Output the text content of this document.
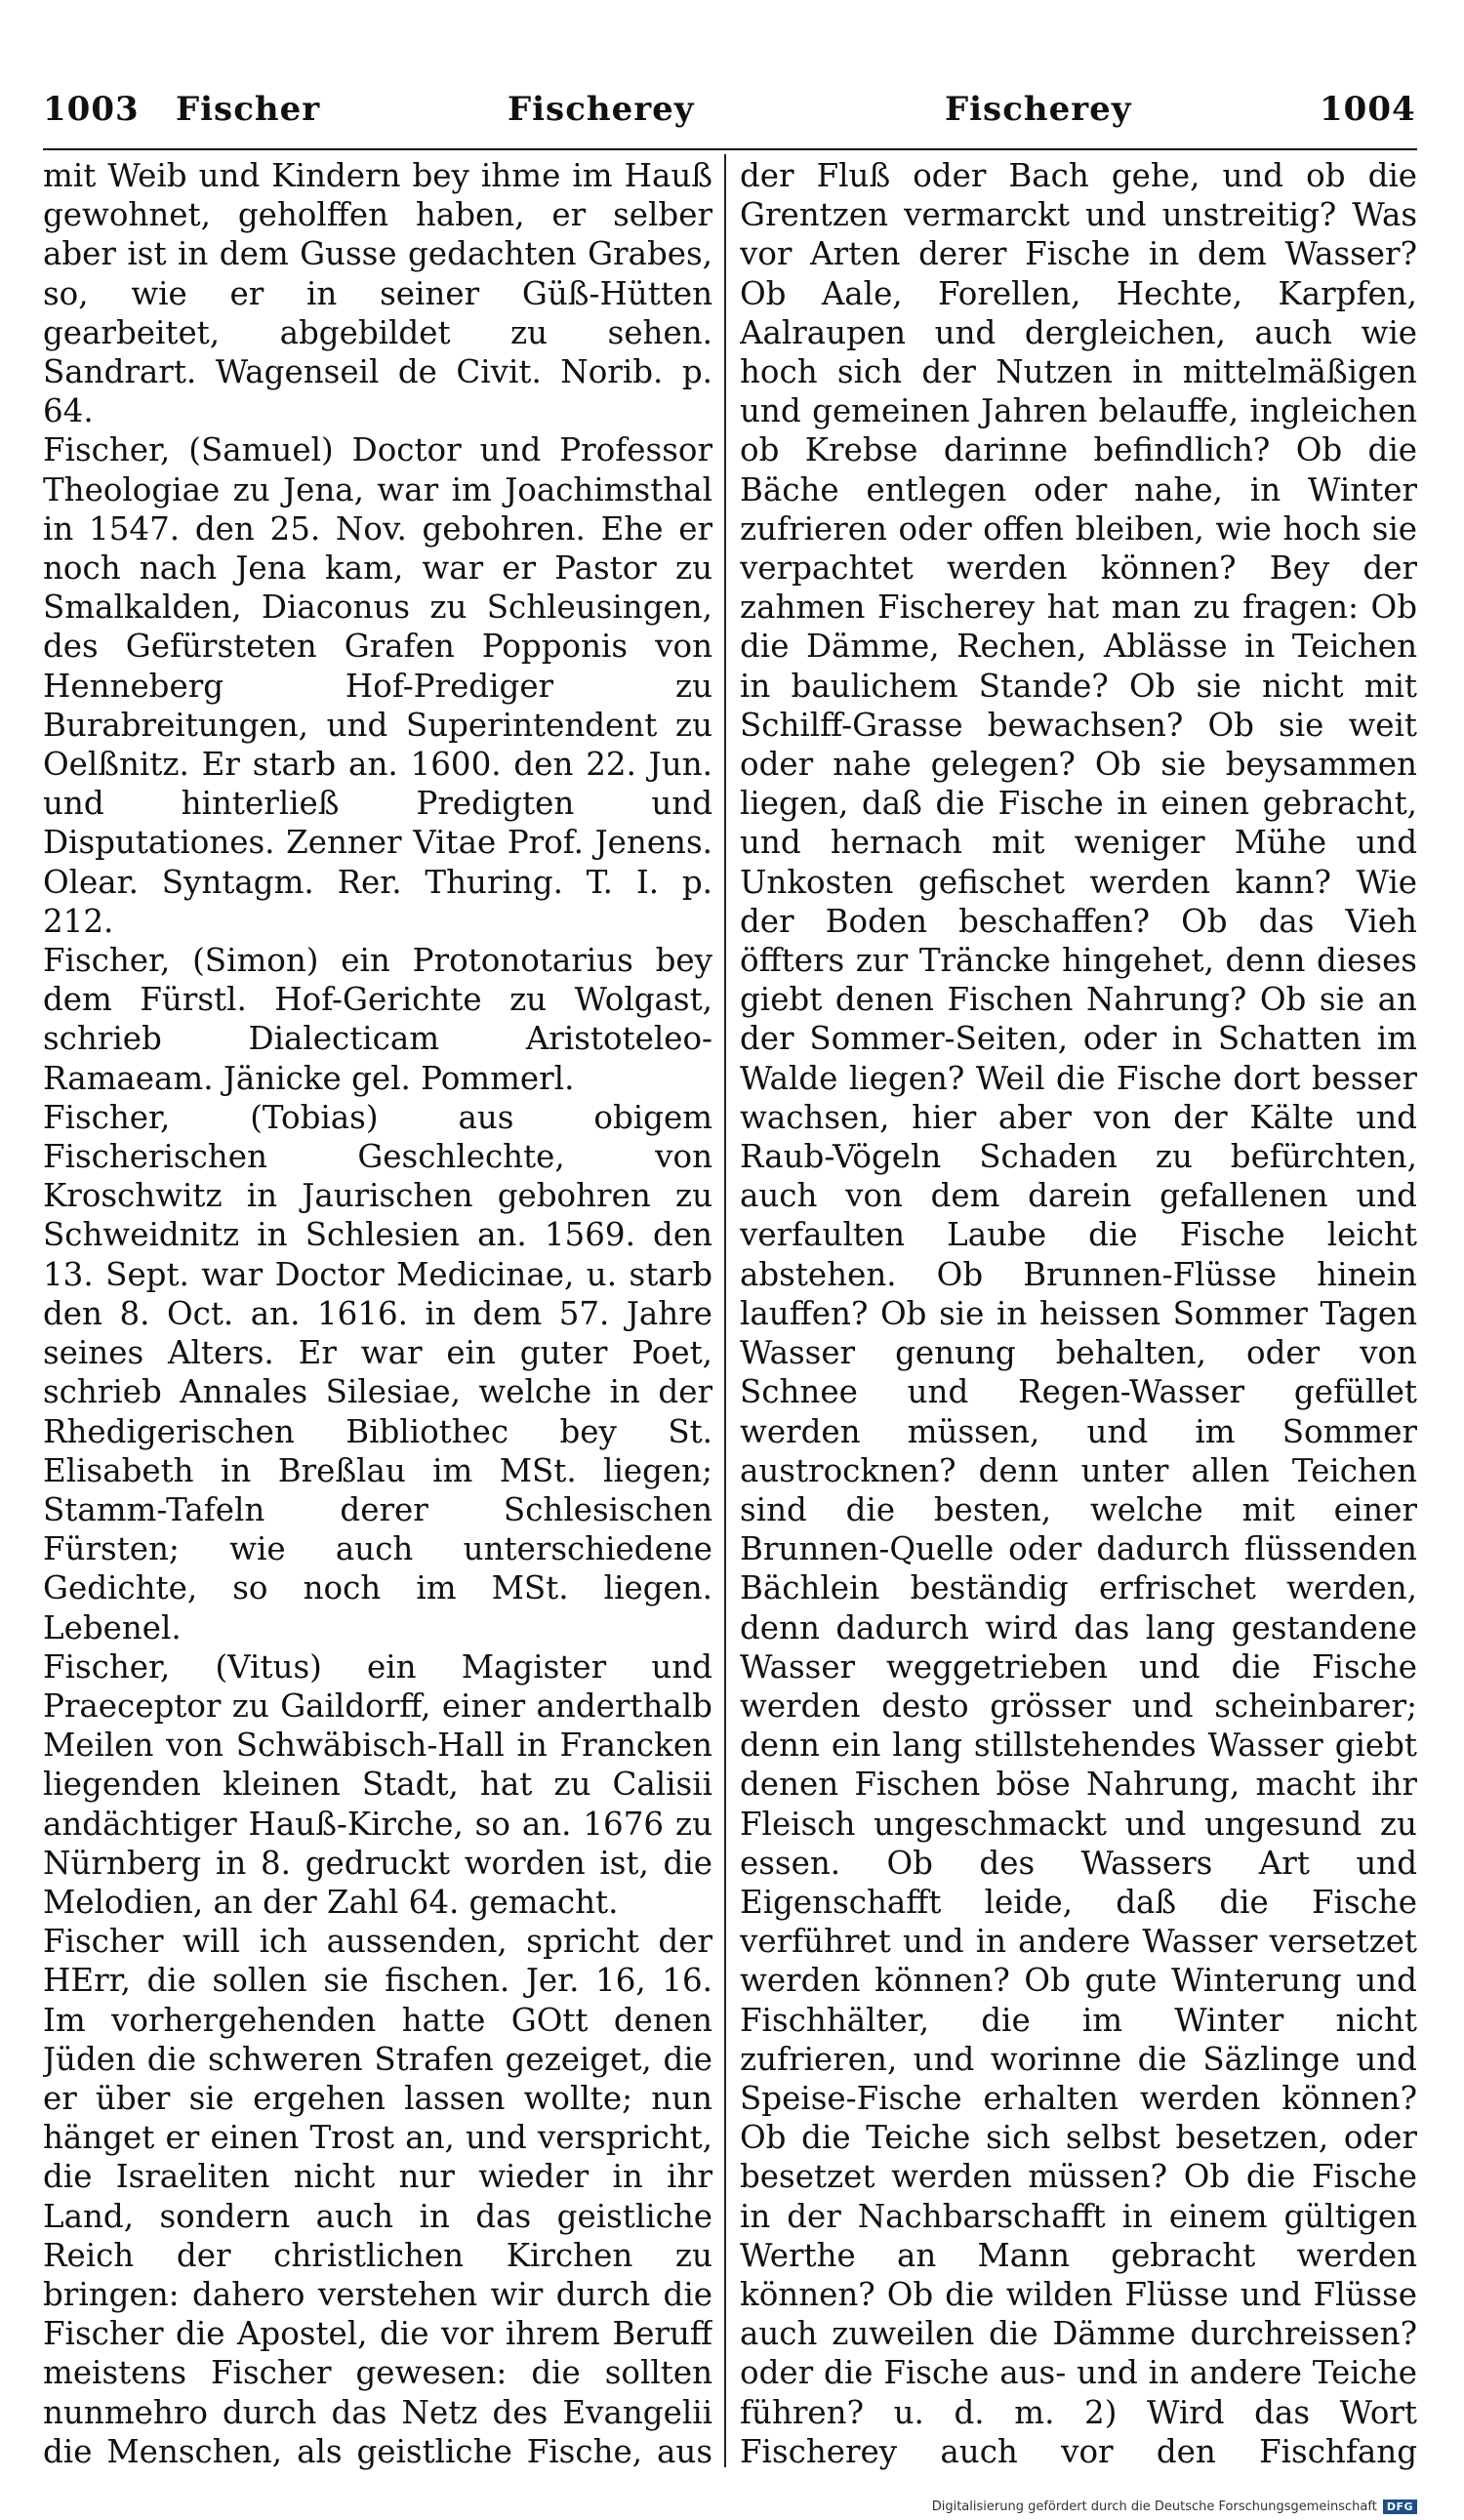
1003 Fischer	Fischerey	Fischerey	1004

mit Weib und Kindern bey ihme im Hauß gewohnet, geholffen haben, er selber aber ist in dem Gusse gedachten Grabes, so, wie er in seiner Güß-Hütten gearbeitet, abgebildet zu sehen. Sandrart. Wagenseil de Civit. Norib. p. 64.

Fischer, (Samuel) Doctor und Professor Theologiae zu Jena, war im Joachimsthal in 1547. den 25. Nov. gebohren. Ehe er noch nach Jena kam, war er Pastor zu Smalkalden, Diaconus zu Schleusingen, des Gefürsteten Grafen Popponis von Henneberg Hof-Prediger zu Burabreitungen, und Superintendent zu Oelßnitz. Er starb an. 1600. den 22. Jun. und hinterließ Predigten und Disputationes. Zenner Vitae Prof. Jenens. Olear. Syntagm. Rer. Thuring. T. I. p. 212.

Fischer, (Simon) ein Protonotarius bey dem Fürstl. Hof-Gerichte zu Wolgast, schrieb Dialecticam Aristoteleo-Ramaeam. Jänicke gel. Pommerl.

Fischer, (Tobias) aus obigem Fischerischen Geschlechte, von Kroschwitz in Jaurischen gebohren zu Schweidnitz in Schlesien an. 1569. den 13. Sept. war Doctor Medicinae, u. starb den 8. Oct. an. 1616. in dem 57. Jahre seines Alters. Er war ein guter Poet, schrieb Annales Silesiae, welche in der Rhedigerischen Bibliothec bey St. Elisabeth in Breßlau im MSt. liegen; Stamm-Tafeln derer Schlesischen Fürsten; wie auch unterschiedene Gedichte, so noch im MSt. liegen. Lebenel.

Fischer, (Vitus) ein Magister und Praeceptor zu Gaildorff, einer anderthalb Meilen von Schwäbisch-Hall in Francken liegenden kleinen Stadt, hat zu Calisii andächtiger Hauß-Kirche, so an. 1676 zu Nürnberg in 8. gedruckt worden ist, die Melodien, an der Zahl 64. gemacht.

Fischer will ich aussenden, spricht der HErr, die sollen sie fischen. Jer. 16, 16. Im vorhergehenden hatte GOtt denen Jüden die schweren Strafen gezeiget, die er über sie ergehen lassen wollte; nun hänget er einen Trost an, und verspricht, die Israeliten nicht nur wieder in ihr Land, sondern auch in das geistliche Reich der christlichen Kirchen zu bringen: dahero verstehen wir durch die Fischer die Apostel, die vor ihrem Beruff meistens Fischer gewesen: die sollten nunmehro durch das Netz des Evangelii die Menschen, als geistliche Fische, aus

der Fluß oder Bach gehe, und ob die Grentzen vermarckt und unstreitig? Was vor Arten derer Fische in dem Wasser? Ob Aale, Forellen, Hechte, Karpfen, Aalraupen und dergleichen, auch wie hoch sich der Nutzen in mittelmäßigen und gemeinen Jahren belauffe, ingleichen ob Krebse darinne befindlich? Ob die Bäche entlegen oder nahe, in Winter zufrieren oder offen bleiben, wie hoch sie verpachtet werden können? Bey der zahmen Fischerey hat man zu fragen: Ob die Dämme, Rechen, Ablässe in Teichen in baulichem Stande? Ob sie nicht mit Schilff-Grasse bewachsen? Ob sie weit oder nahe gelegen? Ob sie beysammen liegen, daß die Fische in einen gebracht, und hernach mit weniger Mühe und Unkosten gefischet werden kann? Wie der Boden beschaffen? Ob das Vieh öffters zur Träncke hingehet, denn dieses giebt denen Fischen Nahrung? Ob sie an der Sommer-Seiten, oder in Schatten im Walde liegen? Weil die Fische dort besser wachsen, hier aber von der Kälte und Raub-Vögeln Schaden zu befürchten, auch von dem darein gefallenen und verfaulten Laube die Fische leicht abstehen. Ob Brunnen-Flüsse hinein lauffen? Ob sie in heissen Sommer Tagen Wasser genung behalten, oder von Schnee und Regen-Wasser gefüllet werden müssen, und im Sommer austrocknen? denn unter allen Teichen sind die besten, welche mit einer Brunnen-Quelle oder dadurch flüssenden Bächlein beständig erfrischet werden, denn dadurch wird das lang gestandene Wasser weggetrieben und die Fische werden desto grösser und scheinbarer; denn ein lang stillstehendes Wasser giebt denen Fischen böse Nahrung, macht ihr Fleisch ungeschmackt und ungesund zu essen. Ob des Wassers Art und Eigenschafft leide, daß die Fische verführet und in andere Wasser versetzet werden können? Ob gute Winterung und Fischhälter, die im Winter nicht zufrieren, und worinne die Säzlinge und Speise-Fische erhalten werden können? Ob die Teiche sich selbst besetzen, oder besetzet werden müssen? Ob die Fische in der Nachbarschafft in einem gültigen Werthe an Mann gebracht werden können? Ob die wilden Flüsse und Flüsse auch zuweilen die Dämme durchreissen? oder die Fische aus- und in andere Teiche führen? u. d. m. 2) Wird das Wort Fischerey auch vor den Fischfang

Digitalisierung gefördert durch die Deutsche Forschungsgemeinschaft DFG
